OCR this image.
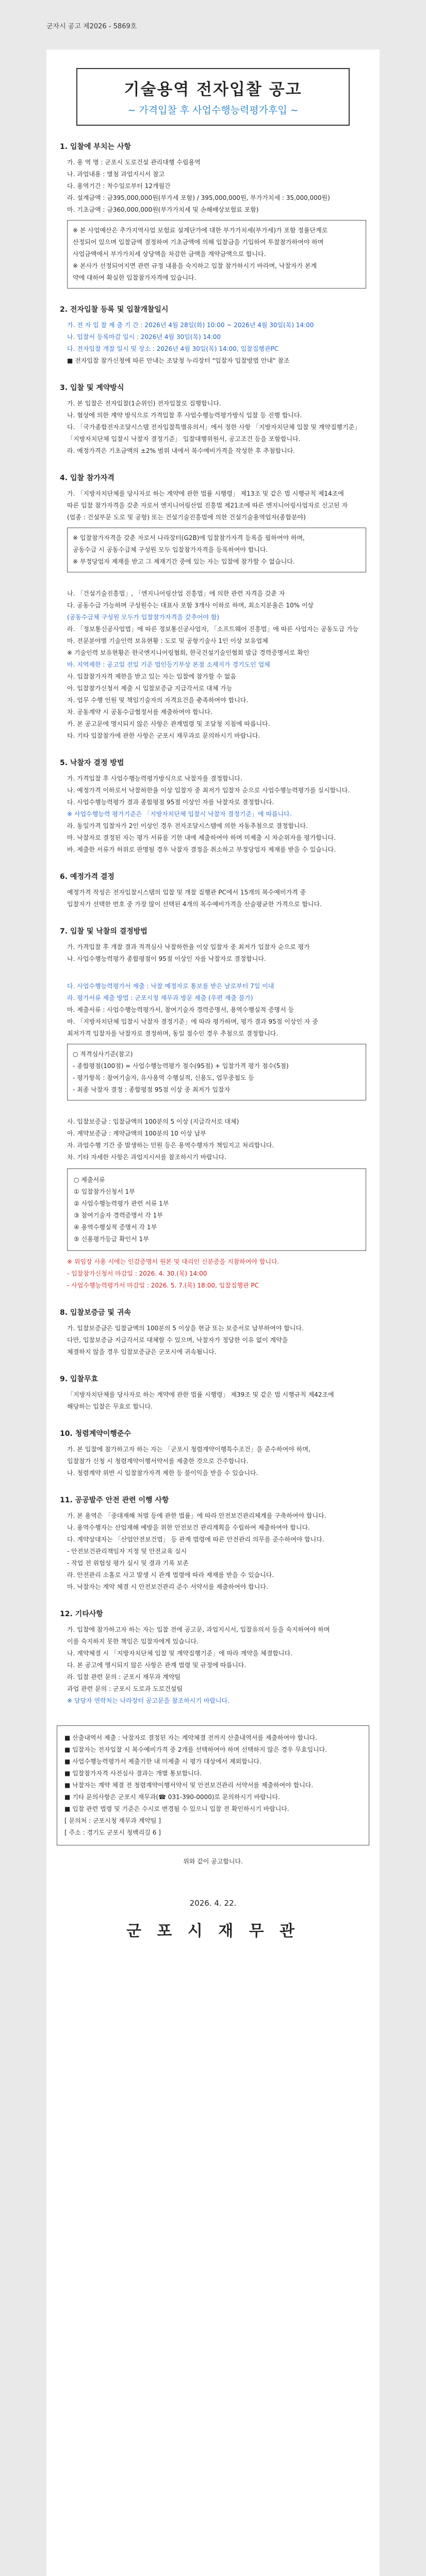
군자시 공고 제2026 - 5869호
기술용역 전자입찰 공고
~ 가격입찰 후 사업수행능력평가후입 ~
1. 입찰에 부치는 사항
가. 용 역 명 : 군포시 도로건설 관리대행 수립용역
나. 과업내용 : 별첨 과업지시서 참고
다. 용역기간 : 착수일로부터 12개월간
라. 설계금액 : 금395,000,000원(부가세 포함) / 395,000,000원, 부가가치세 : 35,000,000원)
마. 기초금액 : 금360,000,000원(부가가치세 및 손해배상보험료 포함)
※ 본 사업예산은 추가지역사업 보험료 설계단가에 대한 부가가치세(부가세)가 포함 정률단계로
산정되어 있으며 입찰금액 결정하여 기초금액에 의해 입찰금을 기입하여 투찰참가하여야 하며
사업금액에서 부가가치세 상당액을 차감한 금액을 계약금액으로 합니다.
※ 본사가 선정되어지면 관련 규정 내용을 숙지하고 입찰 참가하시기 바라며, 낙찰자가 본계
약에 대하여 확실한 입찰참가자격에 있습니다.
2. 전자입찰 등록 및 입찰개찰일시
가. 전 자 입 찰 제 출 기 간 : 2026년 4월 28일(화) 10:00 ~ 2026년 4월 30일(목) 14:00
나. 입찰서 등록마감 일시 : 2026년 4월 30일(목) 14:00
다. 전자입찰 개찰 일시 및 장소 : 2026년 4월 30일(목) 14:00, 입찰집행관PC
■ 전자입찰 참가신청에 따른 안내는 조달청 누리장터 "입찰자 입찰방법 안내" 참조
3. 입찰 및 계약방식
가. 본 입찰은 전자입찰(1순위인) 전자입찰로 집행합니다.
나. 협상에 의한 계약 방식으로 가격입찰 후 사업수행능력평가방식 입찰 등 진행 합니다.
다. 「국가종합전자조달시스템 전자입찰특별유의서」에서 정한 사항 「지방자치단체 입찰 및 계약집행기준」
「지방자치단체 입찰시 낙찰자 결정기준」 입찰대행위원서, 공고조건 등을 포함합니다.
라. 예정가격은 기초금액의 ±2% 범위 내에서 복수예비가격을 작성한 후 추첨합니다.
4. 입찰 참가자격
가. 「지방자치단체를 당사자로 하는 계약에 관한 법률 시행령」 제13조 및 같은 법 시행규칙 제14조에
따른 입찰 참가자격을 갖춘 자로서 엔지니어링산업 진흥법 제21조에 따른 엔지니어링사업자로 신고된 자
(업종 : 건설부문 도로 및 공항) 또는 건설기술진흥법에 의한 건설기술용역업자(종합분야)
※ 입찰참가자격을 갖춘 자로서 나라장터(G2B)에 입찰참가자격 등록을 필하여야 하며,
공동수급 시 공동수급체 구성원 모두 입찰참가자격을 등록하여야 합니다.
※ 부정당업자 제재를 받고 그 제재기간 중에 있는 자는 입찰에 참가할 수 없습니다.
나. 「건설기술진흥법」, 「엔지니어링산업 진흥법」에 의한 관련 자격을 갖춘 자
다. 공동수급 가능하며 구성원수는 대표사 포함 3개사 이하로 하며, 최소지분율은 10% 이상
(공동수급체 구성원 모두가 입찰참가자격을 갖추어야 함)
라. 「정보통신공사업법」에 따른 정보통신공사업자, 「소프트웨어 진흥법」에 따른 사업자는 공동도급 가능
마. 전문분야별 기술인력 보유현황 : 도로 및 공항기술사 1인 이상 보유업체
※ 기술인력 보유현황은 한국엔지니어링협회, 한국건설기술인협회 발급 경력증명서로 확인
바. 지역제한 : 공고일 전일 기준 법인등기부상 본점 소재지가 경기도인 업체
사. 입찰참가자격 제한을 받고 있는 자는 입찰에 참가할 수 없음
아. 입찰참가신청서 제출 시 입찰보증금 지급각서로 대체 가능
자. 업무 수행 인원 및 책임기술자의 자격요건을 충족하여야 합니다.
차. 공동계약 시 공동수급협정서를 제출하여야 합니다.
카. 본 공고문에 명시되지 않은 사항은 관계법령 및 조달청 지침에 따릅니다.
타. 기타 입찰참가에 관한 사항은 군포시 재무과로 문의하시기 바랍니다.
5. 낙찰자 결정 방법
가. 가격입찰 후 사업수행능력평가방식으로 낙찰자를 결정합니다.
나. 예정가격 이하로서 낙찰하한율 이상 입찰자 중 최저가 입찰자 순으로 사업수행능력평가를 실시합니다.
다. 사업수행능력평가 결과 종합평점 95점 이상인 자를 낙찰자로 결정합니다.
※ 사업수행능력 평가기준은 「지방자치단체 입찰시 낙찰자 결정기준」에 따릅니다.
라. 동일가격 입찰자가 2인 이상인 경우 전자조달시스템에 의한 자동추첨으로 결정합니다.
마. 낙찰자로 결정된 자는 평가 서류를 기한 내에 제출하여야 하며 미제출 시 차순위자를 평가합니다.
바. 제출한 서류가 허위로 판명될 경우 낙찰자 결정을 취소하고 부정당업자 제재를 받을 수 있습니다.
6. 예정가격 결정
예정가격 작성은 전자입찰시스템의 입찰 및 개찰 집행관 PC에서 15개의 복수예비가격 중
입찰자가 선택한 번호 중 가장 많이 선택된 4개의 복수예비가격을 산술평균한 가격으로 합니다.
7. 입찰 및 낙찰의 결정방법
가. 가격입찰 후 개찰 결과 적격심사 낙찰하한율 이상 입찰자 중 최저가 입찰자 순으로 평가
나. 사업수행능력평가 종합평점이 95점 이상인 자를 낙찰자로 결정합니다.
다. 사업수행능력평가서 제출 : 낙찰 예정자로 통보를 받은 날로부터 7일 이내
라. 평가서류 제출 방법 : 군포시청 재무과 방문 제출 (우편 제출 불가)
마. 제출서류 : 사업수행능력평가서, 참여기술자 경력증명서, 용역수행실적 증명서 등
바. 「지방자치단체 입찰시 낙찰자 결정기준」에 따라 평가하며, 평가 결과 95점 이상인 자 중
최저가격 입찰자를 낙찰자로 결정하며, 동일 점수인 경우 추첨으로 결정합니다.
○ 적격심사기준(참고)
- 종합평점(100점) = 사업수행능력평가 점수(95점) + 입찰가격 평가 점수(5점)
- 평가항목 : 참여기술자, 유사용역 수행실적, 신용도, 업무중첩도 등
- 최종 낙찰자 결정 : 종합평점 95점 이상 중 최저가 입찰자
사. 입찰보증금 : 입찰금액의 100분의 5 이상 (지급각서로 대체)
아. 계약보증금 : 계약금액의 100분의 10 이상 납부
자. 과업수행 기간 중 발생하는 민원 등은 용역수행자가 책임지고 처리합니다.
차. 기타 자세한 사항은 과업지시서를 참조하시기 바랍니다.
○ 제출서류
① 입찰참가신청서 1부
② 사업수행능력평가 관련 서류 1부
③ 참여기술자 경력증명서 각 1부
④ 용역수행실적 증명서 각 1부
⑤ 신용평가등급 확인서 1부
※ 위임장 사용 시에는 인감증명서 원본 및 대리인 신분증을 지참하여야 합니다.
- 입찰참가신청서 마감일 : 2026. 4. 30.(목) 14:00
- 사업수행능력평가서 마감일 : 2026. 5. 7.(목) 18:00, 입찰집행관 PC
8. 입찰보증금 및 귀속
가. 입찰보증금은 입찰금액의 100분의 5 이상을 현금 또는 보증서로 납부하여야 합니다.
다만, 입찰보증금 지급각서로 대체할 수 있으며, 낙찰자가 정당한 이유 없이 계약을
체결하지 않을 경우 입찰보증금은 군포시에 귀속됩니다.
9. 입찰무효
「지방자치단체를 당사자로 하는 계약에 관한 법률 시행령」 제39조 및 같은 법 시행규칙 제42조에
해당하는 입찰은 무효로 합니다.
10. 청렴계약이행준수
가. 본 입찰에 참가하고자 하는 자는 「군포시 청렴계약이행특수조건」을 준수하여야 하며,
입찰참가 신청 시 청렴계약이행서약서를 제출한 것으로 간주합니다.
나. 청렴계약 위반 시 입찰참가자격 제한 등 불이익을 받을 수 있습니다.
11. 공공발주 안전 관련 이행 사항
가. 본 용역은 「중대재해 처벌 등에 관한 법률」에 따라 안전보건관리체계를 구축하여야 합니다.
나. 용역수행자는 산업재해 예방을 위한 안전보건 관리계획을 수립하여 제출하여야 합니다.
다. 계약상대자는 「산업안전보건법」 등 관계 법령에 따른 안전관리 의무를 준수하여야 합니다.
- 안전보건관리책임자 지정 및 안전교육 실시
- 작업 전 위험성 평가 실시 및 결과 기록 보존
라. 안전관리 소홀로 사고 발생 시 관계 법령에 따라 제재를 받을 수 있습니다.
마. 낙찰자는 계약 체결 시 안전보건관리 준수 서약서를 제출하여야 합니다.
12. 기타사항
가. 입찰에 참가하고자 하는 자는 입찰 전에 공고문, 과업지시서, 입찰유의서 등을 숙지하여야 하며
이를 숙지하지 못한 책임은 입찰자에게 있습니다.
나. 계약체결 시 「지방자치단체 입찰 및 계약집행기준」에 따라 계약을 체결합니다.
다. 본 공고에 명시되지 않은 사항은 관계 법령 및 규정에 따릅니다.
라. 입찰 관련 문의 : 군포시 재무과 계약팀
과업 관련 문의 : 군포시 도로과 도로건설팀
※ 담당자 연락처는 나라장터 공고문을 참조하시기 바랍니다.
■ 산출내역서 제출 : 낙찰자로 결정된 자는 계약체결 전까지 산출내역서를 제출하여야 합니다.
■ 입찰자는 전자입찰 시 복수예비가격 중 2개를 선택하여야 하며 선택하지 않은 경우 무효입니다.
■ 사업수행능력평가서 제출기한 내 미제출 시 평가 대상에서 제외합니다.
■ 입찰참가자격 사전심사 결과는 개별 통보합니다.
■ 낙찰자는 계약 체결 전 청렴계약이행서약서 및 안전보건관리 서약서를 제출하여야 합니다.
■ 기타 문의사항은 군포시 재무과(☎ 031-390-0000)로 문의하시기 바랍니다.
■ 입찰 관련 법령 및 기준은 수시로 변경될 수 있으니 입찰 전 확인하시기 바랍니다.
[ 문의처 : 군포시청 재무과 계약팀 ]
[ 주소 : 경기도 군포시 청백리길 6 ]
위와 같이 공고합니다.
2026. 4. 22.
군 포 시 재 무 관
